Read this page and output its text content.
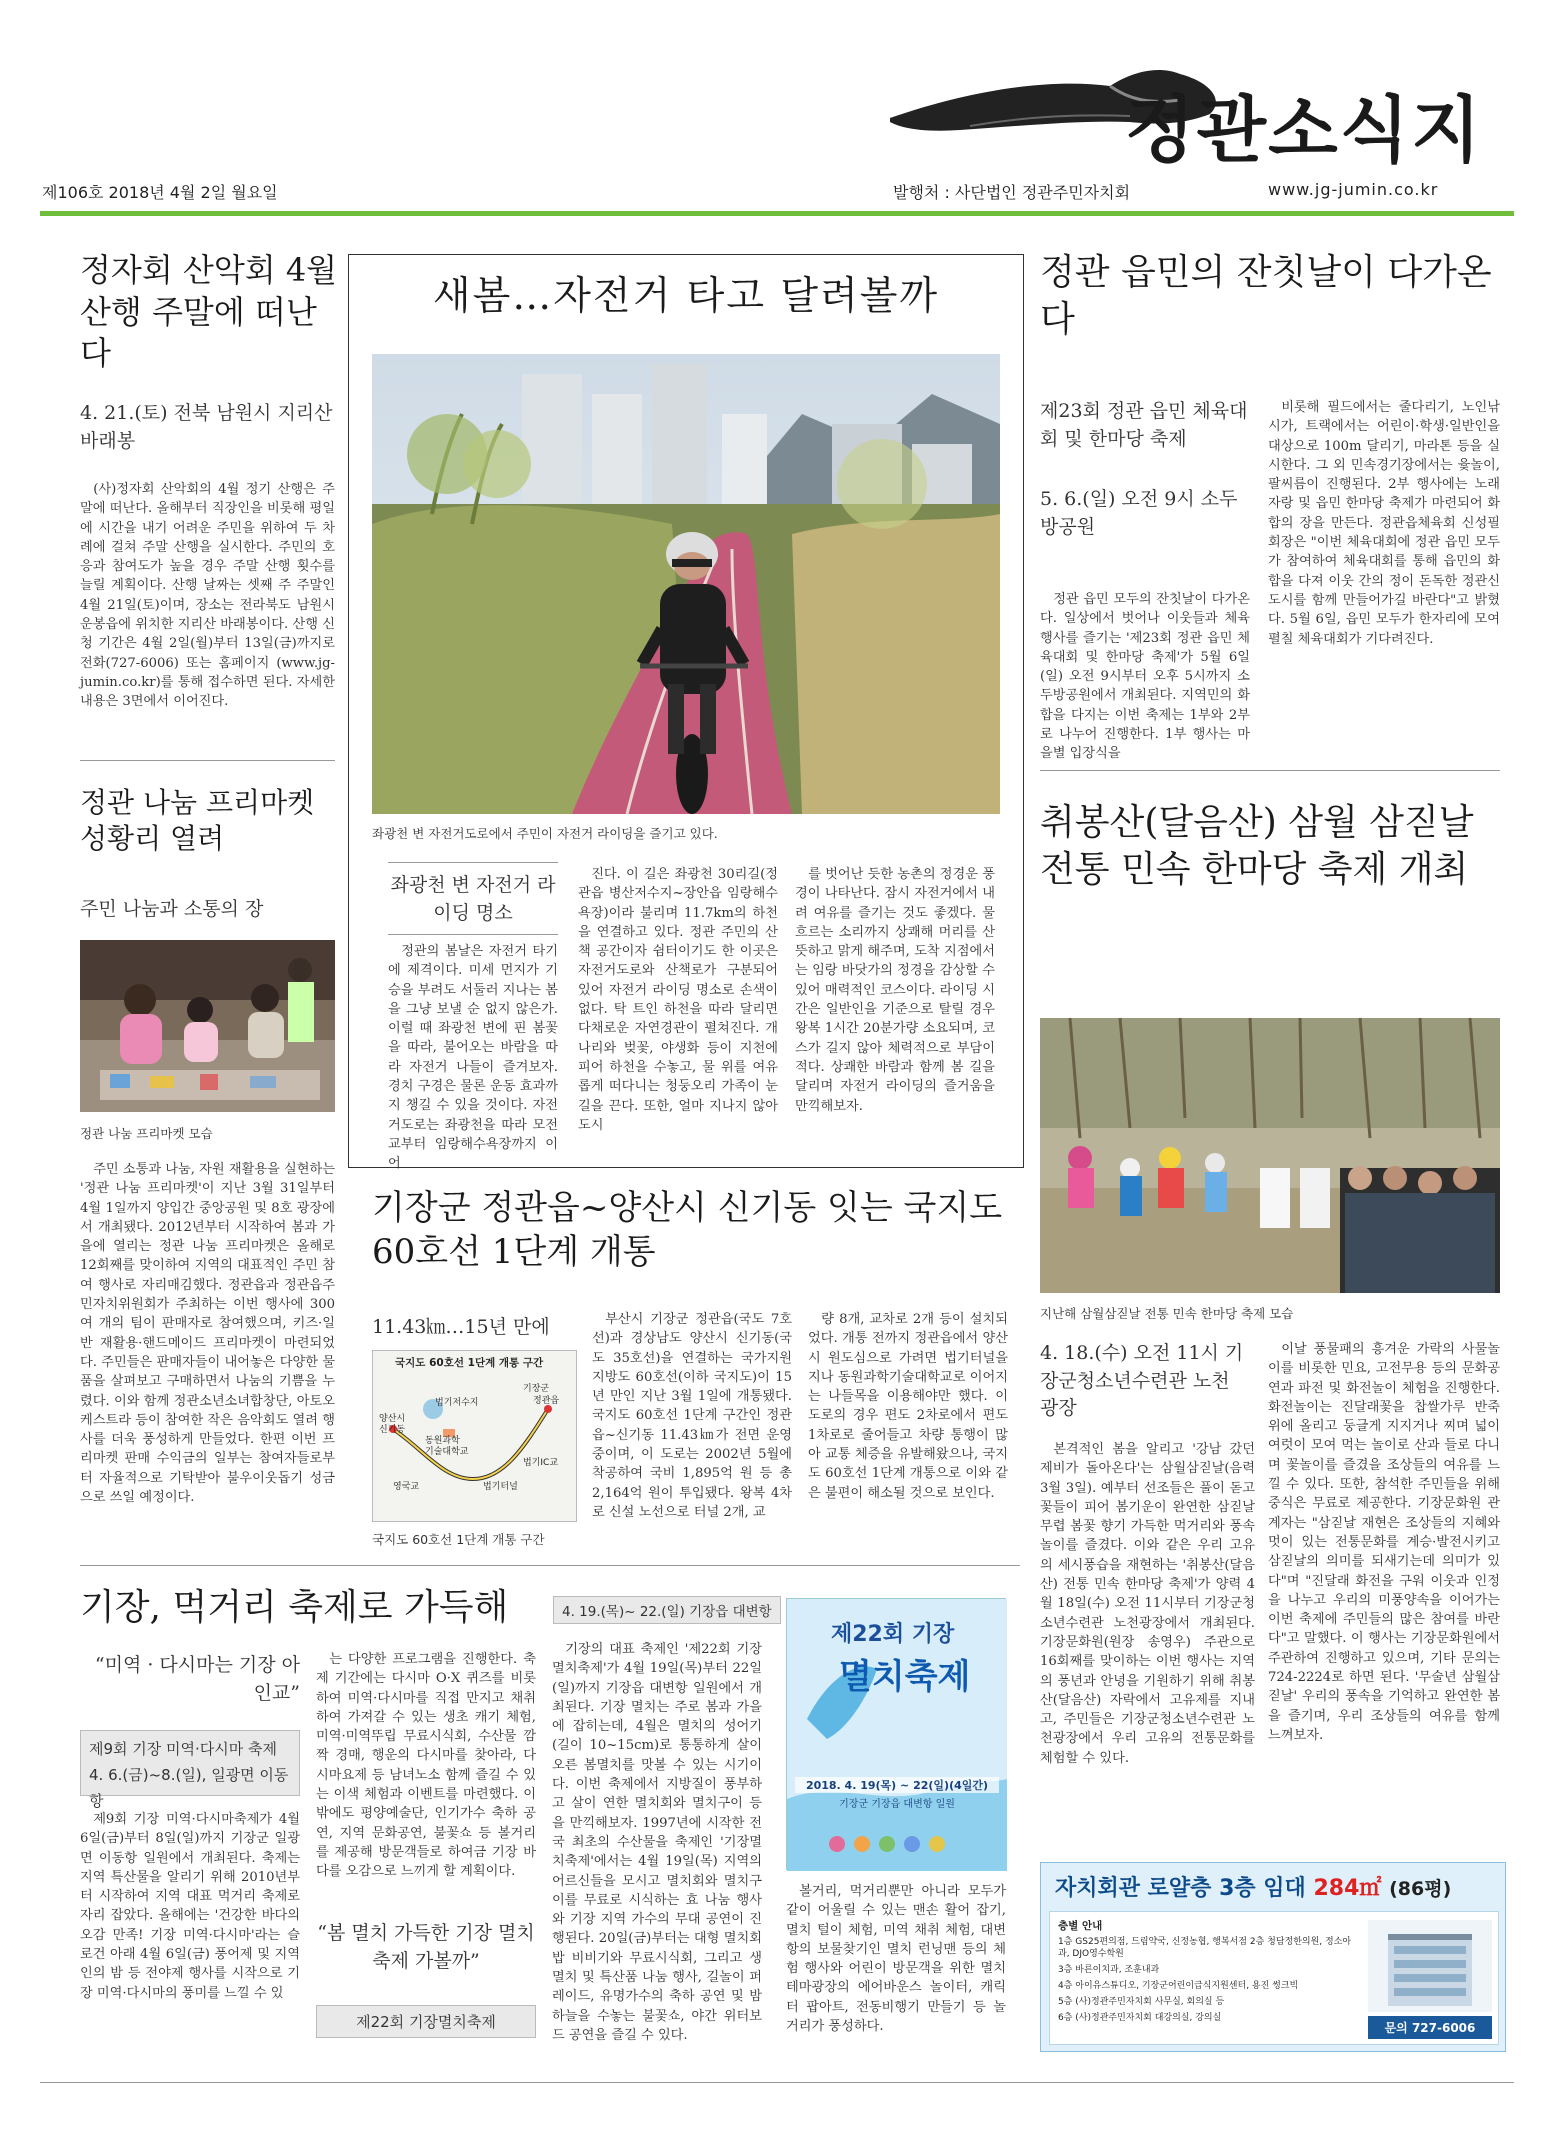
정관소식지
제106호 2018년 4월 2일 월요일	발행처 : 사단법인 정관주민자치회	www.jg-jumin.co.kr
정자회 산악회 4월 산행 주말에 떠난다
4. 21.(토) 전북 남원시 지리산 바래봉
(사)정자회 산악회의 4월 정기 산행은 주말에 떠난다. 올해부터 직장인을 비롯해 평일에 시간을 내기 어려운 주민을 위하여 두 차례에 걸쳐 주말 산행을 실시한다. 주민의 호응과 참여도가 높을 경우 주말 산행 횟수를 늘릴 계획이다. 산행 날짜는 셋째 주 주말인 4월 21일(토)이며, 장소는 전라북도 남원시 운봉읍에 위치한 지리산 바래봉이다. 산행 신청 기간은 4월 2일(월)부터 13일(금)까지로 전화(727-6006) 또는 홈페이지 (www.jg-jumin.co.kr)를 통해 접수하면 된다. 자세한 내용은 3면에서 이어진다.
정관 나눔 프리마켓 성황리 열려
주민 나눔과 소통의 장
정관 나눔 프리마켓 모습
주민 소통과 나눔, 자원 재활용을 실현하는 '정관 나눔 프리마켓'이 지난 3월 31일부터 4월 1일까지 양입간 중앙공원 및 8호 광장에서 개최됐다. 2012년부터 시작하여 봄과 가을에 열리는 정관 나눔 프리마켓은 올해로 12회째를 맞이하여 지역의 대표적인 주민 참여 행사로 자리매김했다. 정관읍과 정관읍주민자치위원회가 주최하는 이번 행사에 300여 개의 팀이 판매자로 참여했으며, 키즈·일반 재활용·핸드메이드 프리마켓이 마련되었다. 주민들은 판매자들이 내어놓은 다양한 물품을 살펴보고 구매하면서 나눔의 기쁨을 누렸다. 이와 함께 정관소년소녀합창단, 아토오케스트라 등이 참여한 작은 음악회도 열려 행사를 더욱 풍성하게 만들었다. 한편 이번 프리마켓 판매 수익금의 일부는 참여자들로부터 자율적으로 기탁받아 불우이웃돕기 성금으로 쓰일 예정이다.
새봄…자전거 타고 달려볼까
좌광천 변 자전거도로에서 주민이 자전거 라이딩을 즐기고 있다.
좌광천 변 자전거 라이딩 명소
정관의 봄날은 자전거 타기에 제격이다. 미세 먼지가 기승을 부려도 서둘러 지나는 봄을 그냥 보낼 순 없지 않은가. 이럴 때 좌광천 변에 핀 봄꽃을 따라, 불어오는 바람을 따라 자전거 나들이 즐겨보자. 경치 구경은 물론 운동 효과까지 챙길 수 있을 것이다. 자전거도로는 좌광천을 따라 모전교부터 임랑해수욕장까지 이어
진다. 이 길은 좌광천 30리길(정관읍 병산저수지~장안읍 임랑해수욕장)이라 불리며 11.7km의 하천을 연결하고 있다. 정관 주민의 산책 공간이자 쉼터이기도 한 이곳은 자전거도로와 산책로가 구분되어 있어 자전거 라이딩 명소로 손색이 없다. 탁 트인 하천을 따라 달리면 다채로운 자연경관이 펼쳐진다. 개나리와 벚꽃, 야생화 등이 지천에 피어 하천을 수놓고, 물 위를 여유롭게 떠다니는 청둥오리 가족이 눈길을 끈다. 또한, 얼마 지나지 않아 도시
를 벗어난 듯한 농촌의 정경운 풍경이 나타난다. 잠시 자전거에서 내려 여유를 즐기는 것도 좋겠다. 물 흐르는 소리까지 상쾌해 머리를 산뜻하고 맑게 해주며, 도착 지점에서는 임랑 바닷가의 정경을 감상할 수 있어 매력적인 코스이다. 라이딩 시간은 일반인을 기준으로 탈릴 경우 왕복 1시간 20분가량 소요되며, 코스가 길지 않아 체력적으로 부담이 적다. 상쾌한 바람과 함께 봄 길을 달리며 자전거 라이딩의 즐거움을 만끽해보자.
기장군 정관읍~양산시 신기동 잇는 국지도 60호선 1단계 개통
11.43㎞…15년 만에
국지도 60호선 1단계 개통 구간
양산시
신기동
법기저수지
동원과학
기술대학교
정관읍
기장군
영국교	법기터널
법기IC교
국지도 60호선 1단계 개통 구간
부산시 기장군 정관읍(국도 7호선)과 경상남도 양산시 신기동(국도 35호선)을 연결하는 국가지원 지방도 60호선(이하 국지도)이 15년 만인 지난 3월 1일에 개통됐다. 국지도 60호선 1단계 구간인 정관읍~신기동 11.43㎞가 전면 운영 중이며, 이 도로는 2002년 5월에 착공하여 국비 1,895억 원 등 총 2,164억 원이 투입됐다. 왕복 4차로 신설 노선으로 터널 2개, 교
량 8개, 교차로 2개 등이 설치되었다. 개통 전까지 정관읍에서 양산시 원도심으로 가려면 법기터널을 지나 동원과학기술대학교로 이어지는 나들목을 이용해야만 했다. 이 도로의 경우 편도 2차로에서 편도 1차로로 줄어들고 차량 통행이 많아 교통 체증을 유발해왔으나, 국지도 60호선 1단계 개통으로 이와 같은 불편이 해소될 것으로 보인다.
정관 읍민의 잔칫날이 다가온다
제23회 정관 읍민 체육대회 및 한마당 축제
5. 6.(일) 오전 9시 소두방공원
정관 읍민 모두의 잔칫날이 다가온다. 일상에서 벗어나 이웃들과 체육행사를 즐기는 '제23회 정관 읍민 체육대회 및 한마당 축제'가 5월 6일(일) 오전 9시부터 오후 5시까지 소두방공원에서 개최된다. 지역민의 화합을 다지는 이번 축제는 1부와 2부로 나누어 진행한다. 1부 행사는 마을별 입장식을
비롯해 필드에서는 줄다리기, 노인낚시가, 트랙에서는 어린이·학생·일반인을 대상으로 100m 달리기, 마라톤 등을 실시한다. 그 외 민속경기장에서는 윷놀이, 팔씨름이 진행된다. 2부 행사에는 노래자랑 및 읍민 한마당 축제가 마련되어 화합의 장을 만든다. 정관읍체육회 신성필 회장은 "이번 체육대회에 정관 읍민 모두가 참여하여 체육대회를 통해 읍민의 화합을 다져 이웃 간의 정이 돈독한 정관신도시를 함께 만들어가길 바란다"고 밝혔다. 5월 6일, 읍민 모두가 한자리에 모여 펼칠 체육대회가 기다려진다.
취봉산(달음산) 삼월 삼짇날 전통 민속 한마당 축제 개최
지난해 삼월삼짇날 전통 민속 한마당 축제 모습
4. 18.(수) 오전 11시 기장군청소년수련관 노천 광장
본격적인 봄을 알리고 '강남 갔던 제비가 돌아온다'는 삼월삼짇날(음력 3월 3일). 예부터 선조들은 풀이 돋고 꽃들이 피어 봄기운이 완연한 삼짇날 무렵 봄꽃 향기 가득한 먹거리와 풍속놀이를 즐겼다. 이와 같은 우리 고유의 세시풍습을 재현하는 '취봉산(달음산) 전통 민속 한마당 축제'가 양력 4월 18일(수) 오전 11시부터 기장군청소년수련관 노천광장에서 개최된다. 기장문화원(원장 송영우) 주관으로 16회째를 맞이하는 이번 행사는 지역의 풍년과 안녕을 기원하기 위해 취봉산(달음산) 자락에서 고유제를 지내고, 주민들은 기장군청소년수련관 노천광장에서 우리 고유의 전통문화를 체험할 수 있다.
이날 풍물패의 흥겨운 가락의 사물놀이를 비롯한 민요, 고전무용 등의 문화공연과 파전 및 화전놀이 체험을 진행한다. 화전놀이는 진달래꽃을 찹쌀가루 반죽 위에 올리고 둥글게 지지거나 찌며 넓이 여럿이 모여 먹는 놀이로 산과 들로 다니며 꽃놀이를 즐겼을 조상들의 여유를 느낄 수 있다. 또한, 참석한 주민들을 위해 중식은 무료로 제공한다. 기장문화원 관계자는 "삼짇날 재현은 조상들의 지혜와 멋이 있는 전통문화를 계승·발전시키고 삼짇날의 의미를 되새기는데 의미가 있다"며 "진달래 화전을 구워 이웃과 인정을 나누고 우리의 미풍양속을 이어가는 이번 축제에 주민들의 많은 참여를 바란다"고 말했다. 이 행사는 기장문화원에서 주관하여 진행하고 있으며, 기타 문의는 724-2224로 하면 된다. '무술년 삼월삼짇날' 우리의 풍속을 기억하고 완연한 봄을 즐기며, 우리 조상들의 여유를 함께 느껴보자.
기장, 먹거리 축제로 가득해	4. 19.(목)~ 22.(일) 기장읍 대변항
“미역 · 다시마는 기장 아인교”
제9회 기장 미역·다시마 축제
4. 6.(금)~8.(일), 일광면 이동항
제9회 기장 미역·다시마축제가 4월 6일(금)부터 8일(일)까지 기장군 일광면 이동항 일원에서 개최된다. 축제는 지역 특산물을 알리기 위해 2010년부터 시작하여 지역 대표 먹거리 축제로 자리 잡았다. 올해에는 '건강한 바다의 오감 만족! 기장 미역·다시마'라는 슬로건 아래 4월 6일(금) 풍어제 및 지역인의 밤 등 전야제 행사를 시작으로 기장 미역·다시마의 풍미를 느낄 수 있
는 다양한 프로그램을 진행한다. 축제 기간에는 다시마 O·X 퀴즈를 비롯하여 미역·다시마를 직접 만지고 채취하여 가져갈 수 있는 생초 캐기 체험, 미역·미역뚜립 무료시식회, 수산물 깜짝 경매, 행운의 다시마를 찾아라, 다시마요제 등 남녀노소 함께 즐길 수 있는 이색 체험과 이벤트를 마련했다. 이 밖에도 평양예술단, 인기가수 축하 공연, 지역 문화공연, 불꽃쇼 등 볼거리를 제공해 방문객들로 하여금 기장 바다를 오감으로 느끼게 할 계획이다.
“봄 멸치 가득한 기장 멸치축제 가볼까”
제22회 기장멸치축제
기장의 대표 축제인 '제22회 기장멸치축제'가 4월 19일(목)부터 22일(일)까지 기장읍 대변항 일원에서 개최된다. 기장 멸치는 주로 봄과 가을에 잡히는데, 4월은 멸치의 성어기(길이 10~15cm)로 통통하게 살이 오른 봄멸치를 맛볼 수 있는 시기이다. 이번 축제에서 지방질이 풍부하고 살이 연한 멸치회와 멸치구이 등을 만끽해보자. 1997년에 시작한 전국 최초의 수산물을 축제인 '기장멸치축제'에서는 4월 19일(목) 지역의 어르신들을 모시고 멸치회와 멸치구이를 무료로 시식하는 효 나눔 행사와 기장 지역 가수의 무대 공연이 진행된다. 20일(금)부터는 대형 멸치회밥 비비기와 무료시식회, 그리고 생멸치 및 특산품 나눔 행사, 길놀이 퍼레이드, 유명가수의 축하 공연 및 밤하늘을 수놓는 불꽃쇼, 야간 위터보드 공연을 즐길 수 있다.
제22회 기장
멸치축제
2018. 4. 19(목) ~ 22(일)(4일간)
기장군 기장읍 대변항 일원
볼거리, 먹거리뿐만 아니라 모두가 같이 어울릴 수 있는 맨손 활어 잡기, 멸치 털이 체험, 미역 채취 체험, 대변항의 보물찾기인 멸치 런닝맨 등의 체험 행사와 어린이 방문객을 위한 멸치테마광장의 에어바운스 놀이터, 캐릭터 팝아트, 전동비행기 만들기 등 놀 거리가 풍성하다.
자치회관 로얄층 3층 임대 284㎡ (86평)
층별 안내
1층 GS25편의점, 드림약국, 신정농협, 행복서점 2층 청담정한의원, 정소아과, DJO영수학원
3층 바른이치과, 조훈내과
4층 아이유스튜디오, 기장군어린이급식지원센터, 용진 썽크빅
5층 (사)정관주민자치회 사무실, 회의실 등
6층 (사)정관주민자치회 대강의실, 강의실
문의 727-6006
